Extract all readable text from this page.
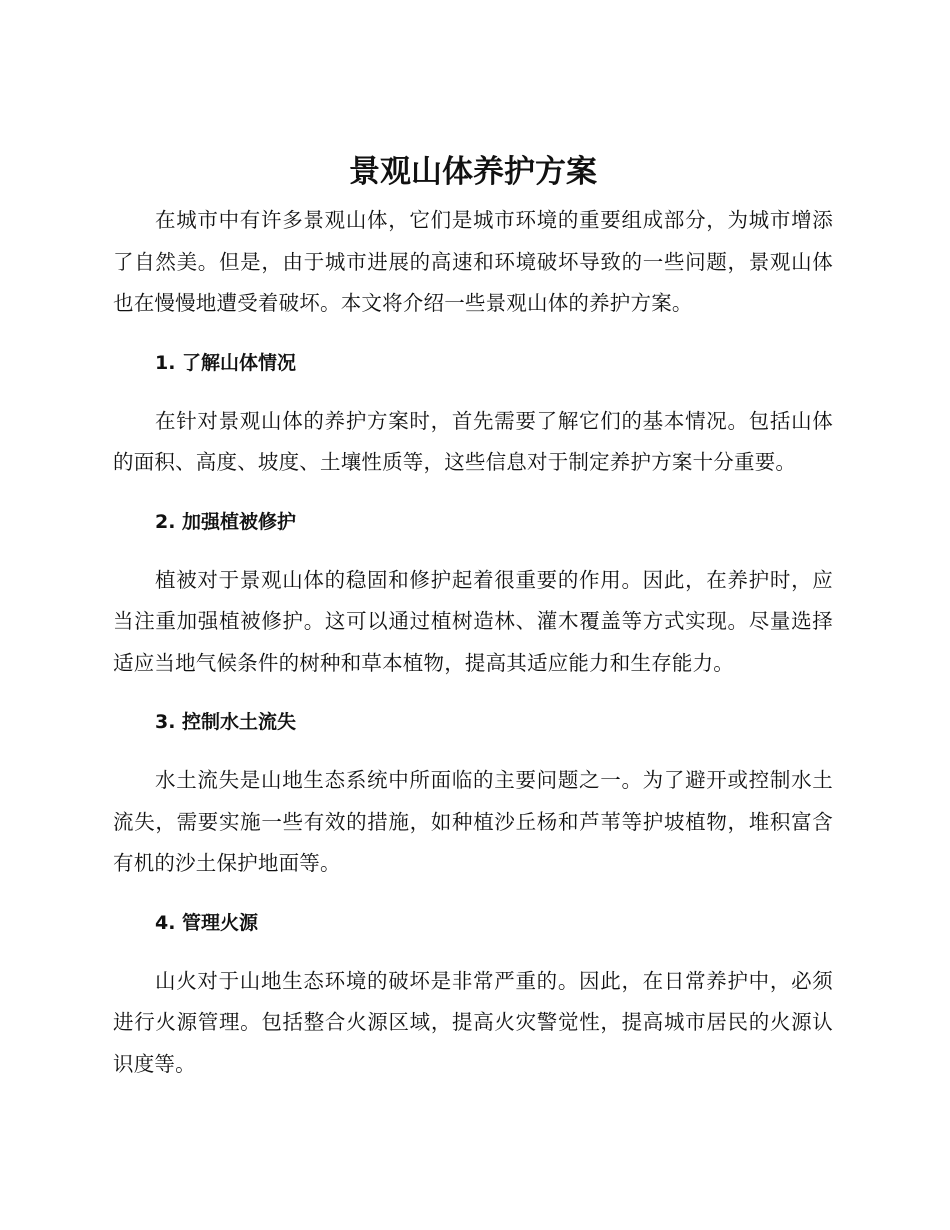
景观山体养护方案

在城市中有许多景观山体，它们是城市环境的重要组成部分，为城市增添了自然美。但是，由于城市进展的高速和环境破坏导致的一些问题，景观山体也在慢慢地遭受着破坏。本文将介绍一些景观山体的养护方案。

1. 了解山体情况

在针对景观山体的养护方案时，首先需要了解它们的基本情况。包括山体的面积、高度、坡度、土壤性质等，这些信息对于制定养护方案十分重要。

2. 加强植被修护

植被对于景观山体的稳固和修护起着很重要的作用。因此，在养护时，应当注重加强植被修护。这可以通过植树造林、灌木覆盖等方式实现。尽量选择适应当地气候条件的树种和草本植物，提高其适应能力和生存能力。

3. 控制水土流失

水土流失是山地生态系统中所面临的主要问题之一。为了避开或控制水土流失，需要实施一些有效的措施，如种植沙丘杨和芦苇等护坡植物，堆积富含有机的沙土保护地面等。

4. 管理火源

山火对于山地生态环境的破坏是非常严重的。因此，在日常养护中，必须进行火源管理。包括整合火源区域，提高火灾警觉性，提高城市居民的火源认识度等。
